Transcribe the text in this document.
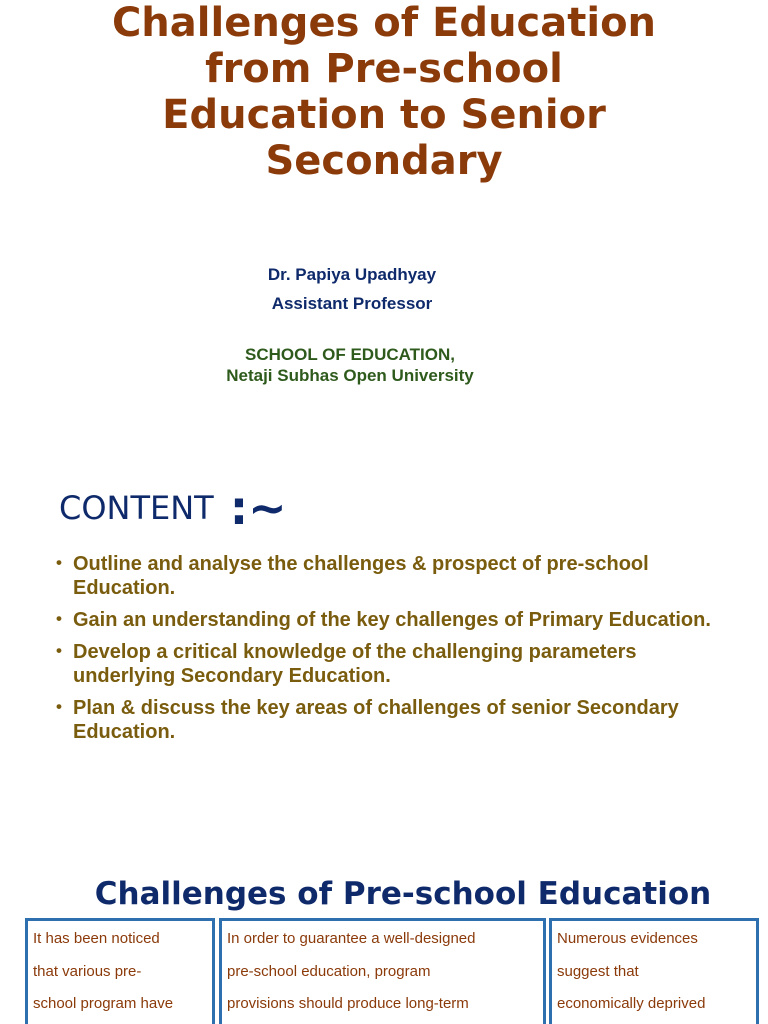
Challenges of Education
from Pre-school
Education to Senior
Secondary
Dr. Papiya Upadhyay
Assistant Professor
SCHOOL OF EDUCATION,
Netaji Subhas Open University
CONTENT :~
• Outline and analyse the challenges & prospect of pre-school Education.
• Gain an understanding of the key challenges of Primary Education.
• Develop a critical knowledge of the challenging parameters underlying Secondary Education.
• Plan & discuss the key areas of challenges of senior Secondary Education.
Challenges of Pre-school Education
It has been noticed
that various pre-
school program have
In order to guarantee a well-designed
pre-school education, program
provisions should produce long-term
Numerous evidences
suggest that
economically deprived
